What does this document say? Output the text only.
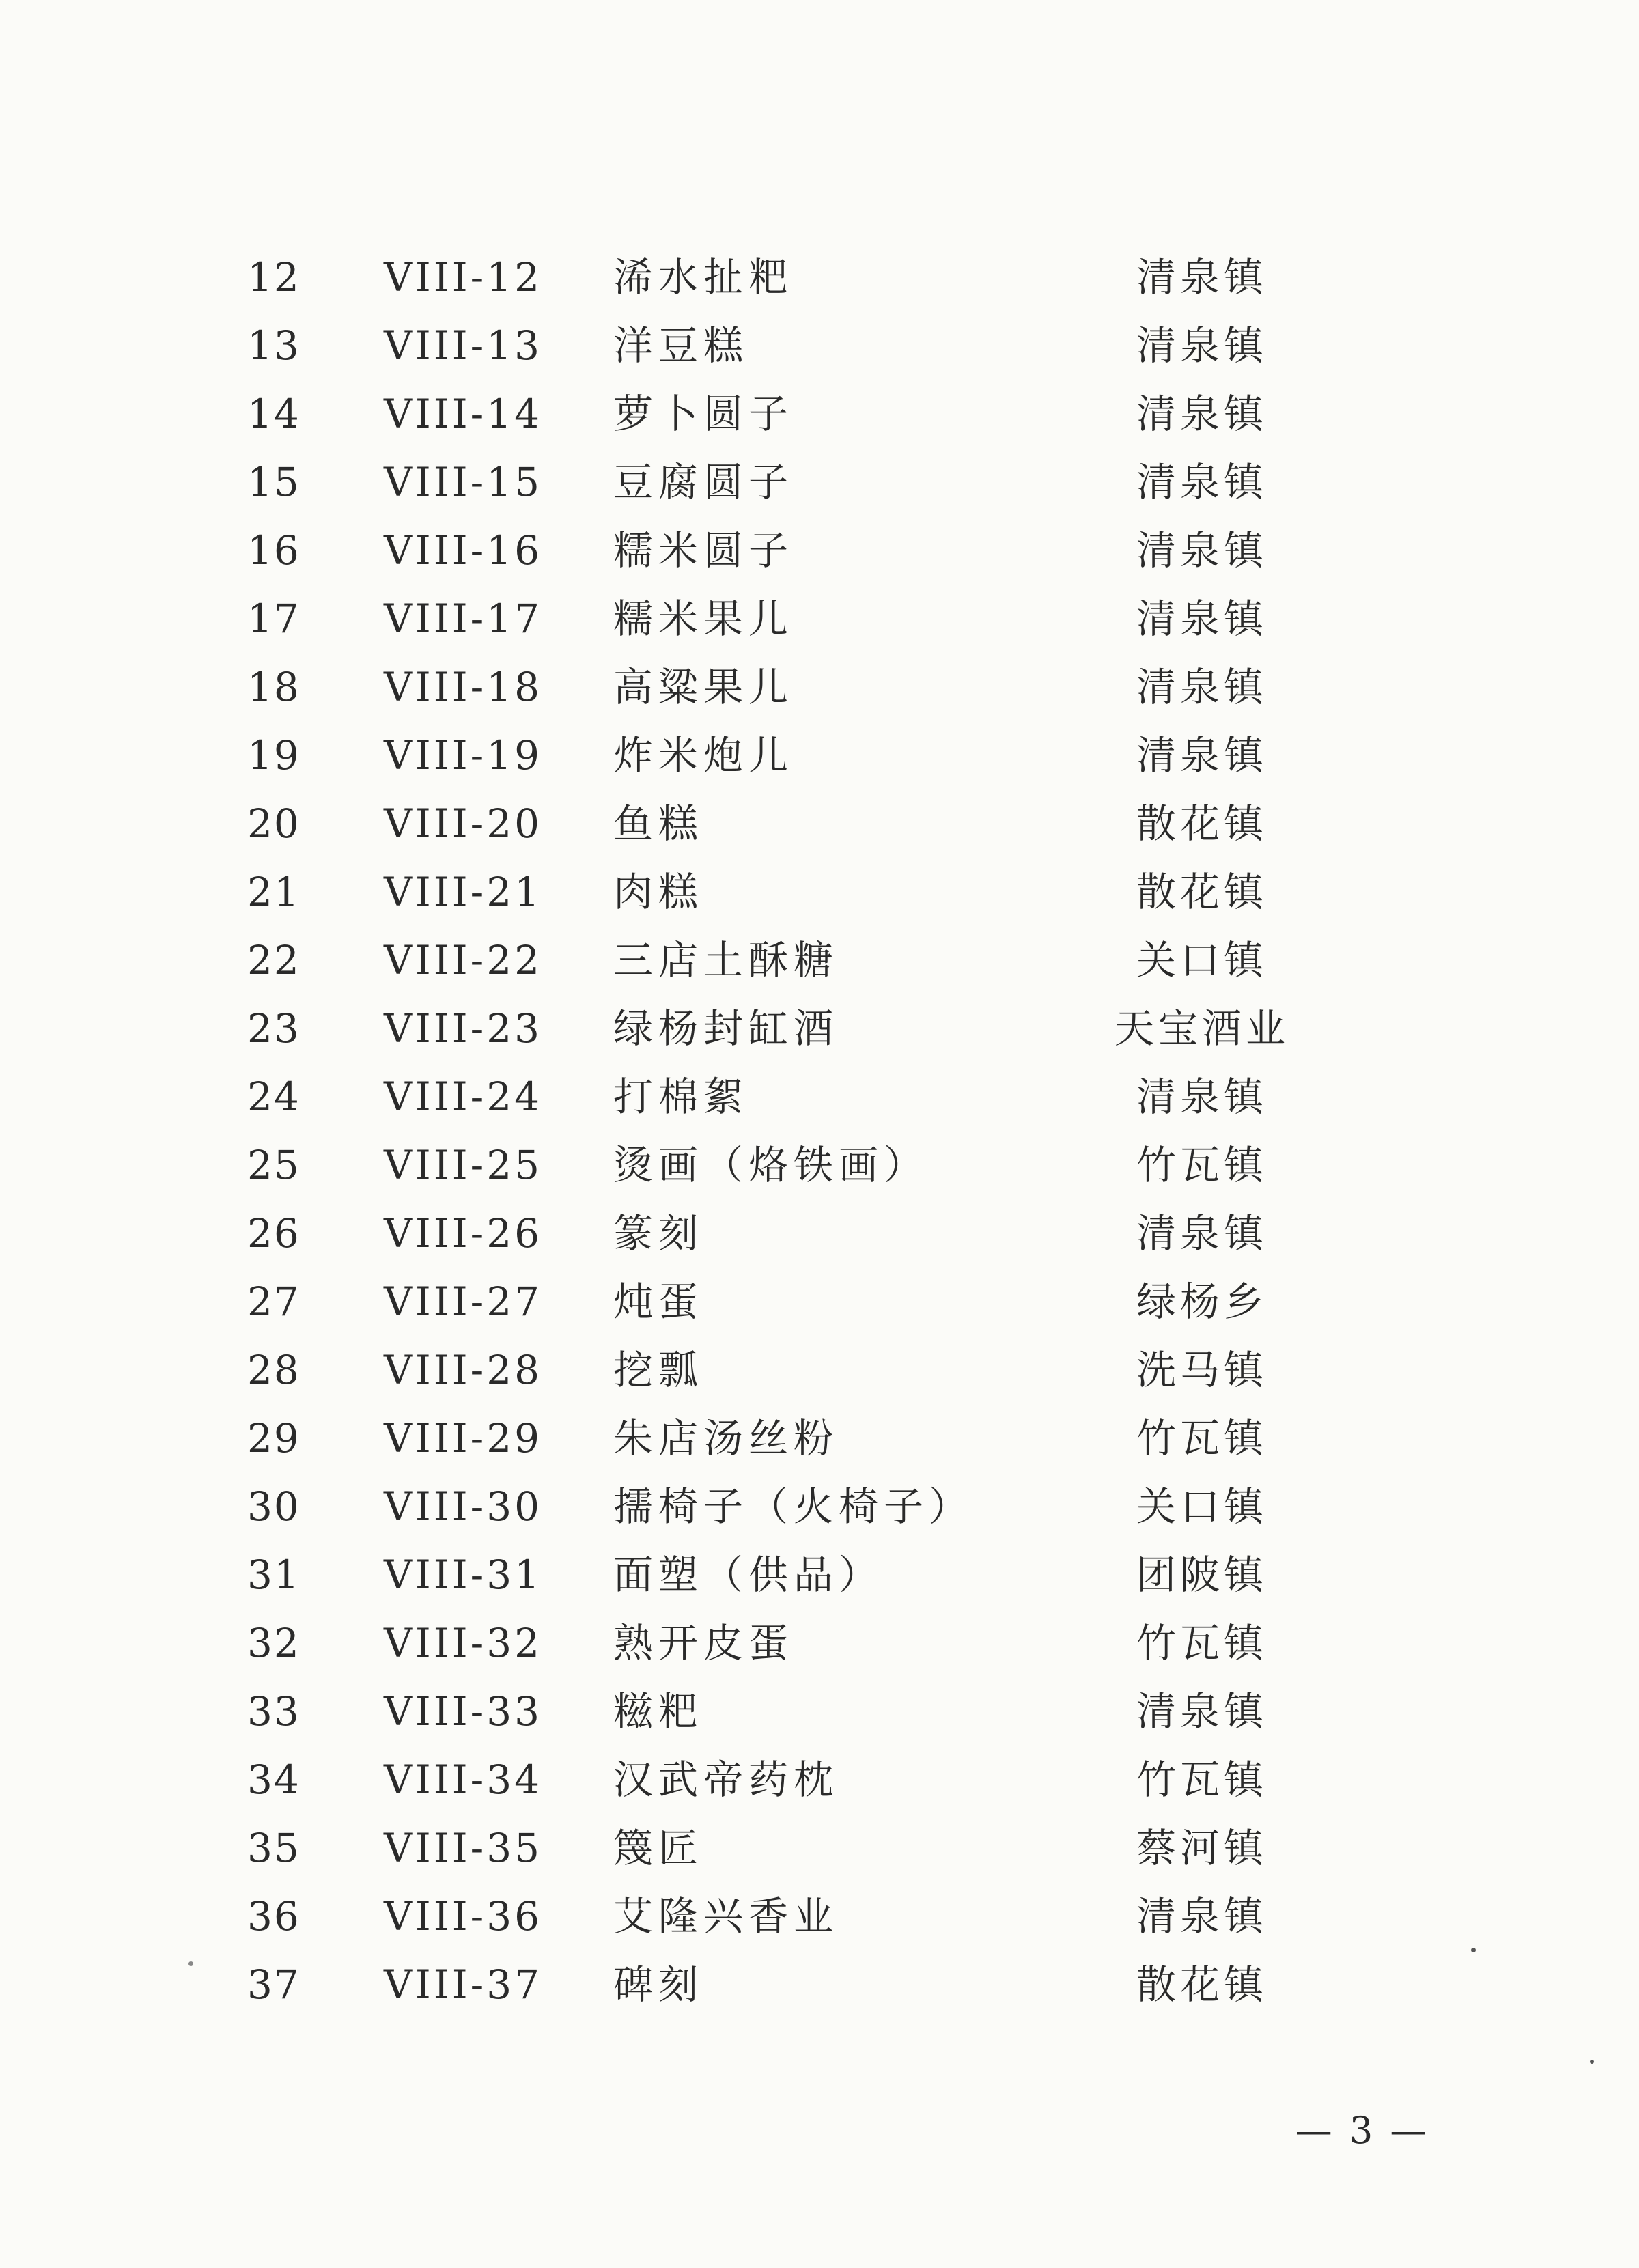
12	VIII-12	浠水扯粑	清泉镇
13	VIII-13	洋豆糕	清泉镇
14	VIII-14	萝卜圆子	清泉镇
15	VIII-15	豆腐圆子	清泉镇
16	VIII-16	糯米圆子	清泉镇
17	VIII-17	糯米果儿	清泉镇
18	VIII-18	高粱果儿	清泉镇
19	VIII-19	炸米炮儿	清泉镇
20	VIII-20	鱼糕	散花镇
21	VIII-21	肉糕	散花镇
22	VIII-22	三店土酥糖	关口镇
23	VIII-23	绿杨封缸酒	天宝酒业
24	VIII-24	打棉絮	清泉镇
25	VIII-25	烫画（烙铁画）	竹瓦镇
26	VIII-26	篆刻	清泉镇
27	VIII-27	炖蛋	绿杨乡
28	VIII-28	挖瓢	洗马镇
29	VIII-29	朱店汤丝粉	竹瓦镇
30	VIII-30	擩椅子（火椅子）	关口镇
31	VIII-31	面塑（供品）	团陂镇
32	VIII-32	熟开皮蛋	竹瓦镇
33	VIII-33	糍粑	清泉镇
34	VIII-34	汉武帝药枕	竹瓦镇
35	VIII-35	篾匠	蔡河镇
36	VIII-36	艾隆兴香业	清泉镇
37	VIII-37	碑刻	散花镇
— 3 —
